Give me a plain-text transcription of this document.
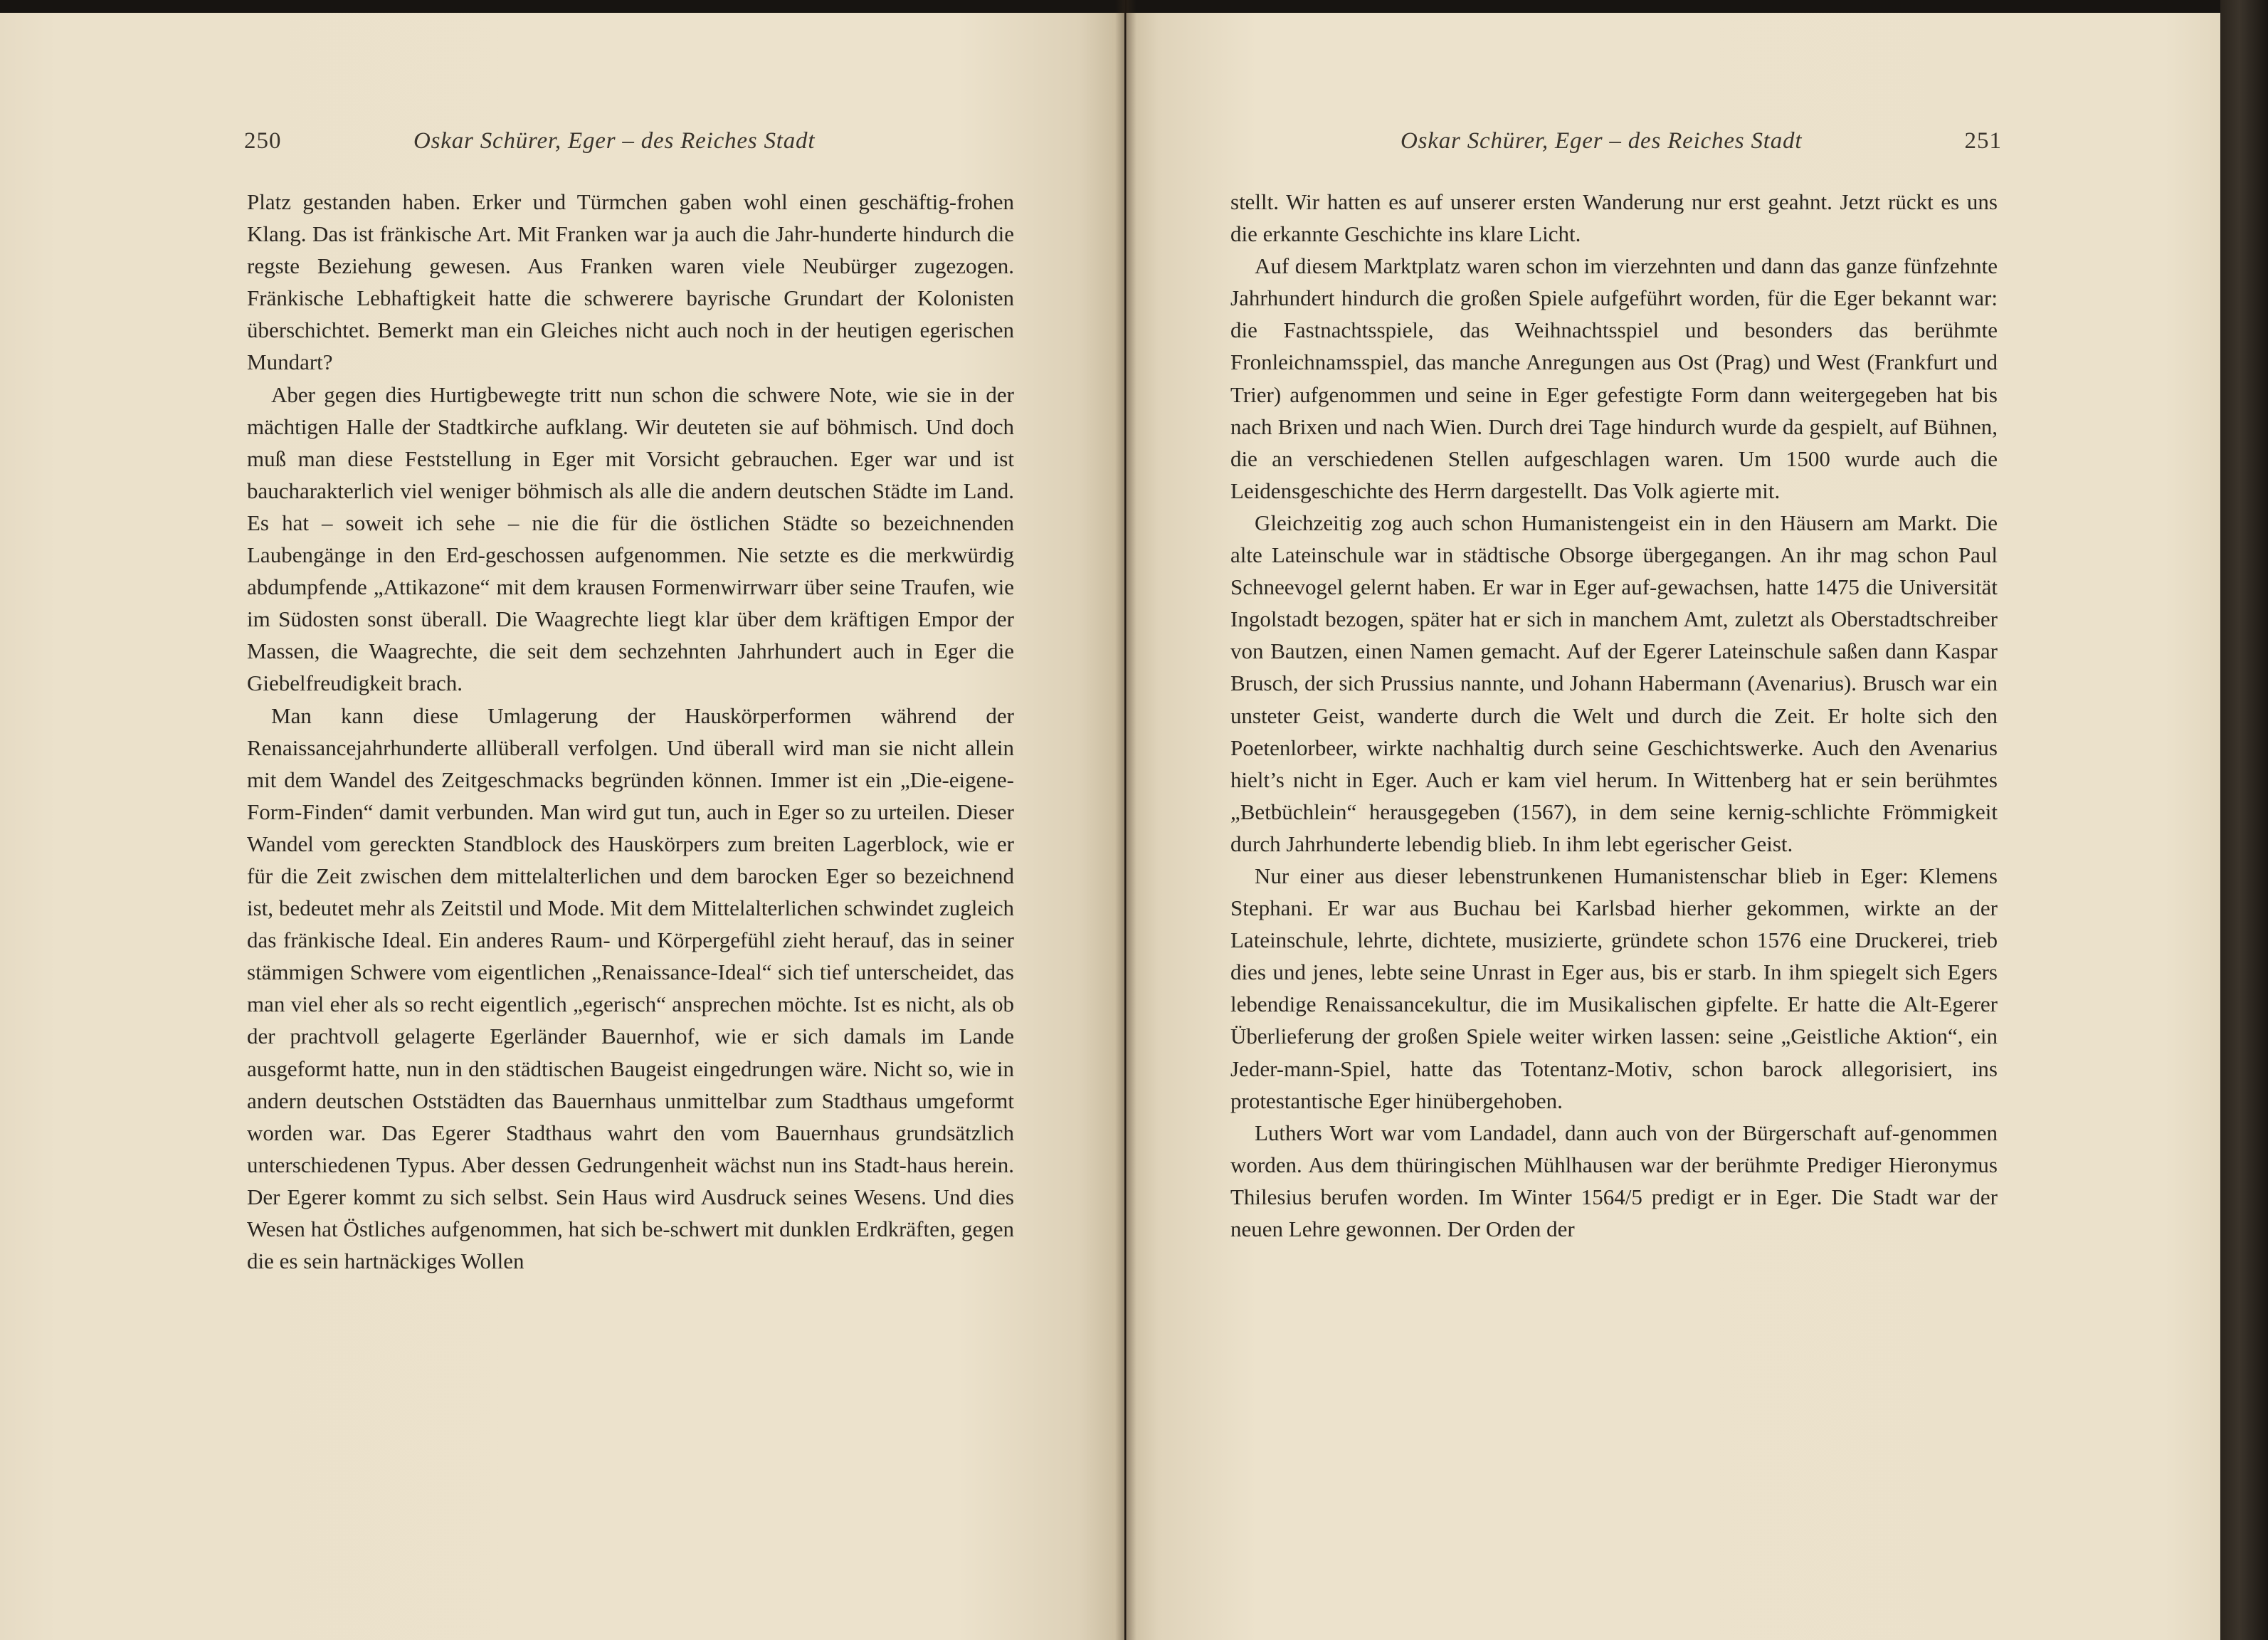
250	Oskar Schürer, Eger – des Reiches Stadt	Oskar Schürer, Eger – des Reiches Stadt	251

Platz gestanden haben. Erker und Türmchen gaben wohl einen geschäftig-frohen Klang. Das ist fränkische Art. Mit Franken war ja auch die Jahr-hunderte hindurch die regste Beziehung gewesen. Aus Franken waren viele Neubürger zugezogen. Fränkische Lebhaftigkeit hatte die schwerere bayrische Grundart der Kolonisten überschichtet. Bemerkt man ein Gleiches nicht auch noch in der heutigen egerischen Mundart?

Aber gegen dies Hurtigbewegte tritt nun schon die schwere Note, wie sie in der mächtigen Halle der Stadtkirche aufklang. Wir deuteten sie auf böhmisch. Und doch muß man diese Feststellung in Eger mit Vorsicht gebrauchen. Eger war und ist baucharakterlich viel weniger böhmisch als alle die andern deutschen Städte im Land. Es hat – soweit ich sehe – nie die für die östlichen Städte so bezeichnenden Laubengänge in den Erd-geschossen aufgenommen. Nie setzte es die merkwürdig abdumpfende „Attikazone“ mit dem krausen Formenwirrwarr über seine Traufen, wie im Südosten sonst überall. Die Waagrechte liegt klar über dem kräftigen Empor der Massen, die Waagrechte, die seit dem sechzehnten Jahrhundert auch in Eger die Giebelfreudigkeit brach.

Man kann diese Umlagerung der Hauskörperformen während der Renaissancejahrhunderte allüberall verfolgen. Und überall wird man sie nicht allein mit dem Wandel des Zeitgeschmacks begründen können. Immer ist ein „Die-eigene-Form-Finden“ damit verbunden. Man wird gut tun, auch in Eger so zu urteilen. Dieser Wandel vom gereckten Standblock des Hauskörpers zum breiten Lagerblock, wie er für die Zeit zwischen dem mittelalterlichen und dem barocken Eger so bezeichnend ist, bedeutet mehr als Zeitstil und Mode. Mit dem Mittelalterlichen schwindet zugleich das fränkische Ideal. Ein anderes Raum- und Körpergefühl zieht herauf, das in seiner stämmigen Schwere vom eigentlichen „Renaissance-Ideal“ sich tief unterscheidet, das man viel eher als so recht eigentlich „egerisch“ ansprechen möchte. Ist es nicht, als ob der prachtvoll gelagerte Egerländer Bauernhof, wie er sich damals im Lande ausgeformt hatte, nun in den städtischen Baugeist eingedrungen wäre. Nicht so, wie in andern deutschen Oststädten das Bauernhaus unmittelbar zum Stadthaus umgeformt worden war. Das Egerer Stadthaus wahrt den vom Bauernhaus grundsätzlich unterschiedenen Typus. Aber dessen Gedrungenheit wächst nun ins Stadt-haus herein. Der Egerer kommt zu sich selbst. Sein Haus wird Ausdruck seines Wesens. Und dies Wesen hat Östliches aufgenommen, hat sich be-schwert mit dunklen Erdkräften, gegen die es sein hartnäckiges Wollen

stellt. Wir hatten es auf unserer ersten Wanderung nur erst geahnt. Jetzt rückt es uns die erkannte Geschichte ins klare Licht.

Auf diesem Marktplatz waren schon im vierzehnten und dann das ganze fünfzehnte Jahrhundert hindurch die großen Spiele aufgeführt worden, für die Eger bekannt war: die Fastnachtsspiele, das Weihnachtsspiel und besonders das berühmte Fronleichnamsspiel, das manche Anregungen aus Ost (Prag) und West (Frankfurt und Trier) aufgenommen und seine in Eger gefestigte Form dann weitergegeben hat bis nach Brixen und nach Wien. Durch drei Tage hindurch wurde da gespielt, auf Bühnen, die an verschiedenen Stellen aufgeschlagen waren. Um 1500 wurde auch die Leidensgeschichte des Herrn dargestellt. Das Volk agierte mit.

Gleichzeitig zog auch schon Humanistengeist ein in den Häusern am Markt. Die alte Lateinschule war in städtische Obsorge übergegangen. An ihr mag schon Paul Schneevogel gelernt haben. Er war in Eger auf-gewachsen, hatte 1475 die Universität Ingolstadt bezogen, später hat er sich in manchem Amt, zuletzt als Oberstadtschreiber von Bautzen, einen Namen gemacht. Auf der Egerer Lateinschule saßen dann Kaspar Brusch, der sich Prussius nannte, und Johann Habermann (Avenarius). Brusch war ein unsteter Geist, wanderte durch die Welt und durch die Zeit. Er holte sich den Poetenlorbeer, wirkte nachhaltig durch seine Geschichtswerke. Auch den Avenarius hielt’s nicht in Eger. Auch er kam viel herum. In Wittenberg hat er sein berühmtes „Betbüchlein“ herausgegeben (1567), in dem seine kernig-schlichte Frömmigkeit durch Jahrhunderte lebendig blieb. In ihm lebt egerischer Geist.

Nur einer aus dieser lebenstrunkenen Humanistenschar blieb in Eger: Klemens Stephani. Er war aus Buchau bei Karlsbad hierher gekommen, wirkte an der Lateinschule, lehrte, dichtete, musizierte, gründete schon 1576 eine Druckerei, trieb dies und jenes, lebte seine Unrast in Eger aus, bis er starb. In ihm spiegelt sich Egers lebendige Renaissancekultur, die im Musikalischen gipfelte. Er hatte die Alt-Egerer Überlieferung der großen Spiele weiter wirken lassen: seine „Geistliche Aktion“, ein Jeder-mann-Spiel, hatte das Totentanz-Motiv, schon barock allegorisiert, ins protestantische Eger hinübergehoben.

Luthers Wort war vom Landadel, dann auch von der Bürgerschaft auf-genommen worden. Aus dem thüringischen Mühlhausen war der berühmte Prediger Hieronymus Thilesius berufen worden. Im Winter 1564/5 predigt er in Eger. Die Stadt war der neuen Lehre gewonnen. Der Orden der
